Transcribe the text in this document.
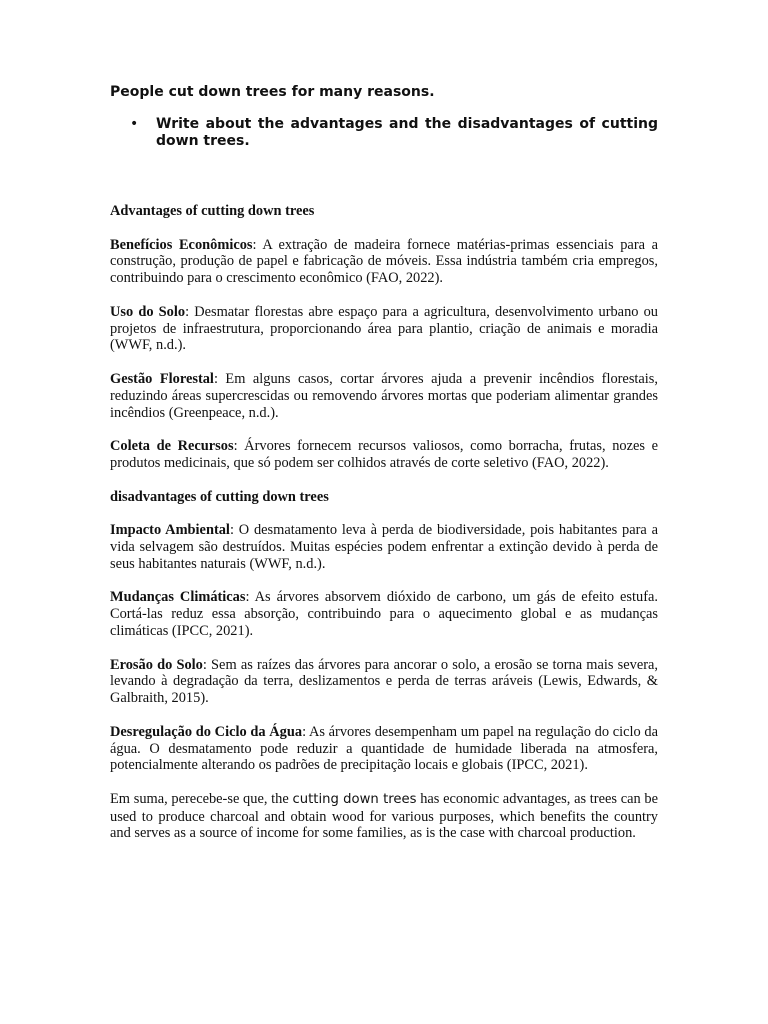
People cut down trees for many reasons.

• Write about the advantages and the disadvantages of cutting down trees.

Advantages of cutting down trees

Benefícios Econômicos: A extração de madeira fornece matérias-primas essenciais para a construção, produção de papel e fabricação de móveis. Essa indústria também cria empregos, contribuindo para o crescimento econômico (FAO, 2022).

Uso do Solo: Desmatar florestas abre espaço para a agricultura, desenvolvimento urbano ou projetos de infraestrutura, proporcionando área para plantio, criação de animais e moradia (WWF, n.d.).

Gestão Florestal: Em alguns casos, cortar árvores ajuda a prevenir incêndios florestais, reduzindo áreas supercrescidas ou removendo árvores mortas que poderiam alimentar grandes incêndios (Greenpeace, n.d.).

Coleta de Recursos: Árvores fornecem recursos valiosos, como borracha, frutas, nozes e produtos medicinais, que só podem ser colhidos através de corte seletivo (FAO, 2022).

disadvantages of cutting down trees

Impacto Ambiental: O desmatamento leva à perda de biodiversidade, pois habitantes para a vida selvagem são destruídos. Muitas espécies podem enfrentar a extinção devido à perda de seus habitantes naturais (WWF, n.d.).

Mudanças Climáticas: As árvores absorvem dióxido de carbono, um gás de efeito estufa. Cortá-las reduz essa absorção, contribuindo para o aquecimento global e as mudanças climáticas (IPCC, 2021).

Erosão do Solo: Sem as raízes das árvores para ancorar o solo, a erosão se torna mais severa, levando à degradação da terra, deslizamentos e perda de terras aráveis (Lewis, Edwards, & Galbraith, 2015).

Desregulação do Ciclo da Água: As árvores desempenham um papel na regulação do ciclo da água. O desmatamento pode reduzir a quantidade de humidade liberada na atmosfera, potencialmente alterando os padrões de precipitação locais e globais (IPCC, 2021).

Em suma, perecebe-se que, the cutting down trees has economic advantages, as trees can be used to produce charcoal and obtain wood for various purposes, which benefits the country and serves as a source of income for some families, as is the case with charcoal production.
